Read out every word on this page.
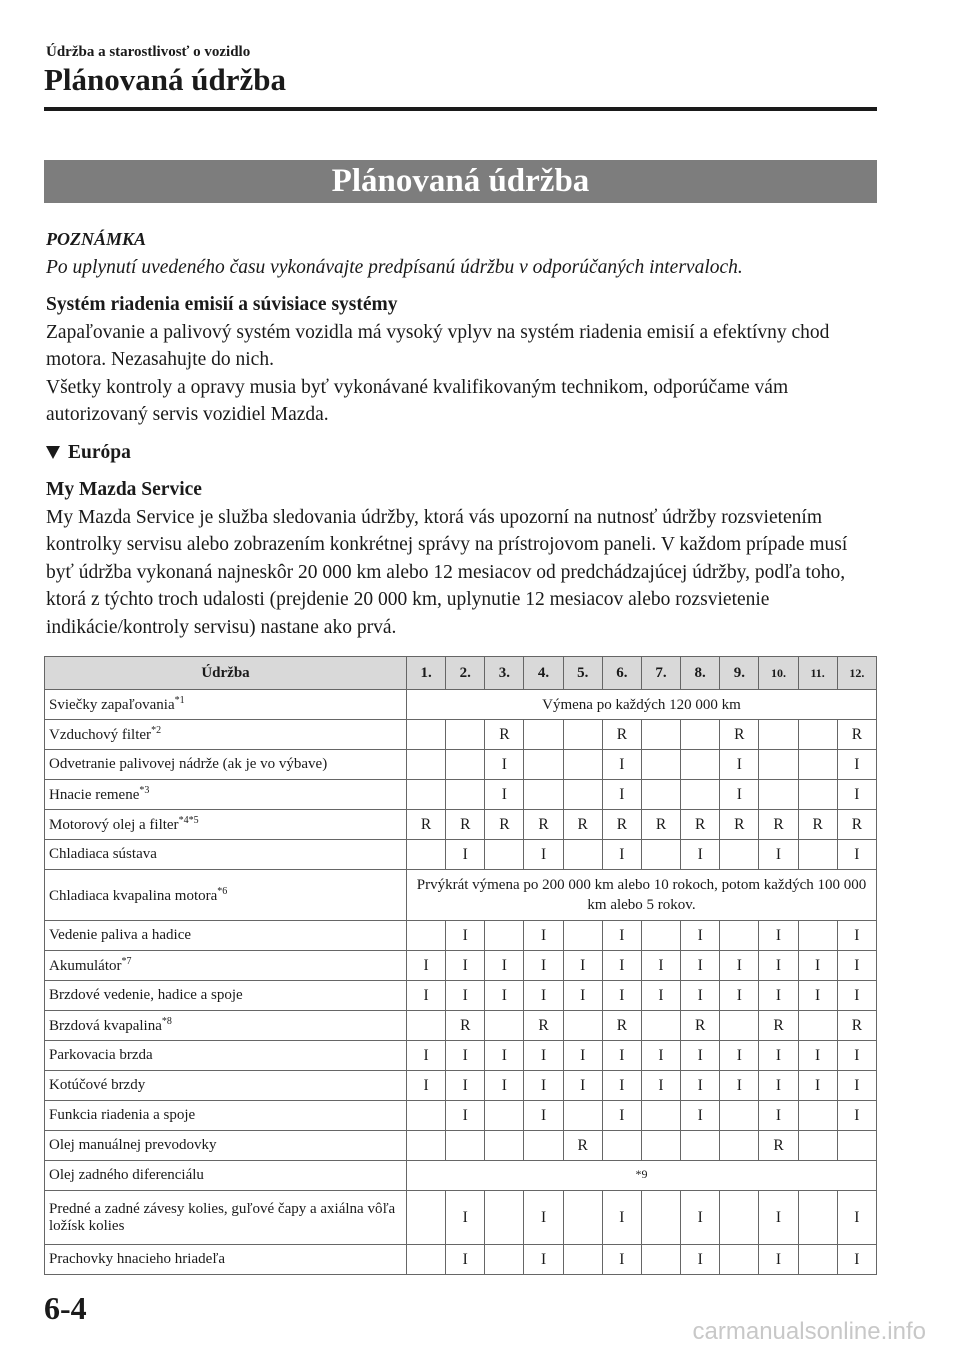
Údržba a starostlivosť o vozidlo
Plánovaná údržba
Plánovaná údržba
POZNÁMKA
Po uplynutí uvedeného času vykonávajte predpísanú údržbu v odporúčaných intervaloch.
Systém riadenia emisií a súvisiace systémy
Zapaľovanie a palivový systém vozidla má vysoký vplyv na systém riadenia emisií a efektívny chod motora. Nezasahujte do nich.
Všetky kontroly a opravy musia byť vykonávané kvalifikovaným technikom, odporúčame vám autorizovaný servis vozidiel Mazda.
Európa
My Mazda Service
My Mazda Service je služba sledovania údržby, ktorá vás upozorní na nutnosť údržby rozsvietením kontrolky servisu alebo zobrazením konkrétnej správy na prístrojovom paneli. V každom prípade musí byť údržba vykonaná najneskôr 20 000 km alebo 12 mesiacov od predchádzajúcej údržby, podľa toho, ktorá z týchto troch udalosti (prejdenie 20 000 km, uplynutie 12 mesiacov alebo rozsvietenie indikácie/kontroly servisu) nastane ako prvá.
Údržba	1.	2.	3.	4.	5.	6.	7.	8.	9.	10.	11.	12.
Sviečky zapaľovania$^{*1}$	Výmena po každých 120 000 km											
Vzduchový filter$^{*2}$			R			R			R			R
Odvetranie palivovej nádrže (ak je vo výbave)			I			I			I			I
Hnacie remene$^{*3}$			I			I			I			I
Motorový olej a filter$^{*4*5}$	R	R	R	R	R	R	R	R	R	R	R	R
Chladiaca sústava		I		I		I		I		I		I
Chladiaca kvapalina motora$^{*6}$	Prvýkrát výmena po 200 000 km alebo 10 rokoch, potom každých 100 000 km alebo 5 rokov.											
Vedenie paliva a hadice		I		I		I		I		I		I
Akumulátor$^{*7}$	I	I	I	I	I	I	I	I	I	I	I	I
Brzdové vedenie, hadice a spoje	I	I	I	I	I	I	I	I	I	I	I	I
Brzdová kvapalina$^{*8}$		R		R		R		R		R		R
Parkovacia brzda	I	I	I	I	I	I	I	I	I	I	I	I
Kotúčové brzdy	I	I	I	I	I	I	I	I	I	I	I	I
Funkcia riadenia a spoje		I		I		I		I		I		I
Olej manuálnej prevodovky					R					R		
Olej zadného diferenciálu	*9											
Predné a zadné závesy kolies, guľové čapy a axiálna vôľa ložísk kolies		I		I		I		I		I		I
Prachovky hnacieho hriadeľa		I		I		I		I		I		I
6-4
carmanualsonline.info
